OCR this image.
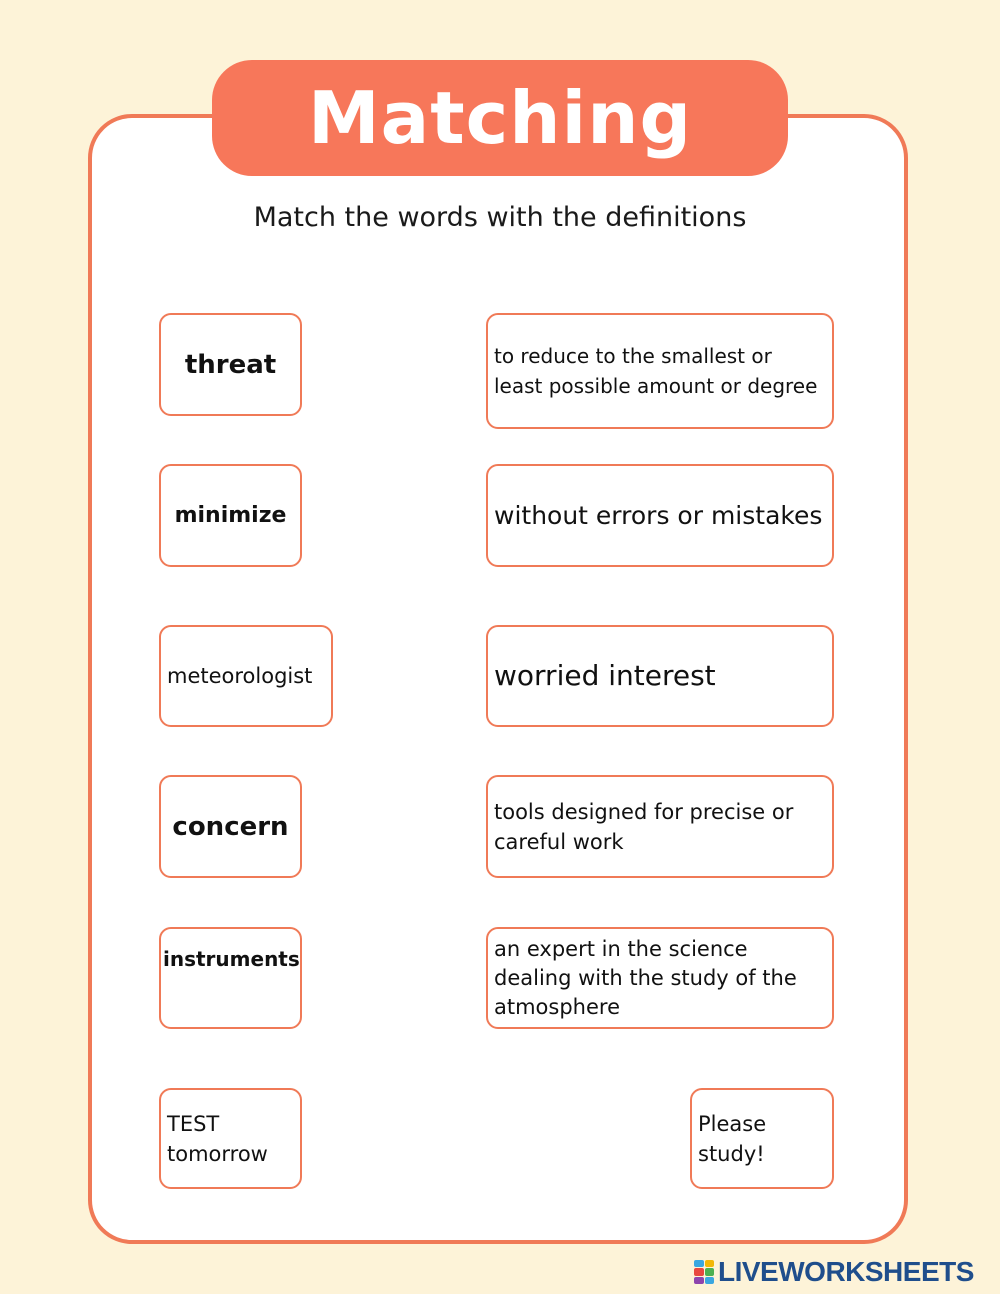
Matching
Match the words with the definitions
threat
minimize
meteorologist
concern
instruments
to reduce to the smallest or least possible amount or degree
without errors or mistakes
worried interest
tools designed for precise or careful work
an expert in the science dealing with the study of the atmosphere
TEST tomorrow
Please study!
LIVEWORKSHEETS
